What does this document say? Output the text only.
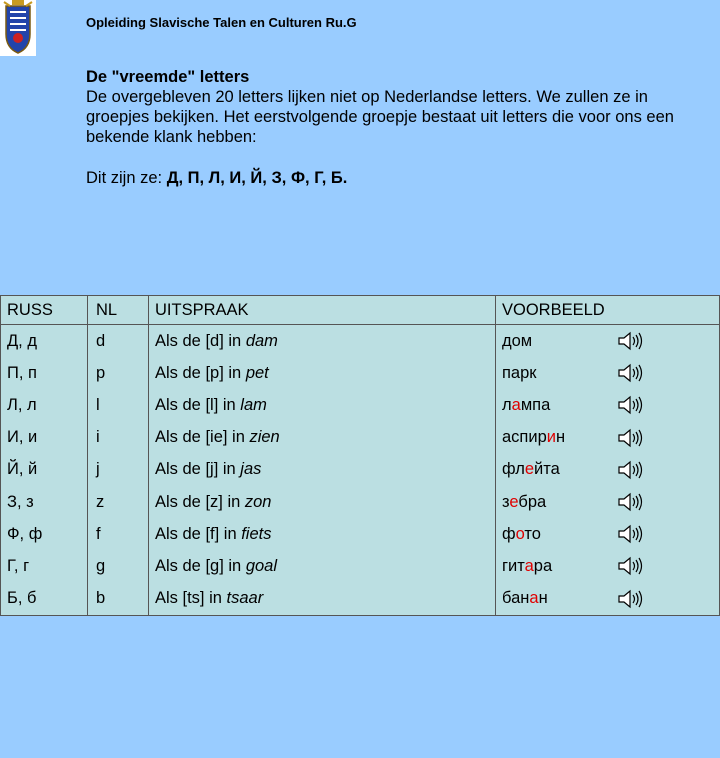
Opleiding Slavische Talen en Culturen Ru.G

De "vreemde" letters

De overgebleven 20 letters lijken niet op Nederlandse letters. We zullen ze in groepjes bekijken. Het eerstvolgende groepje bestaat uit letters die voor ons een bekende klank hebben:

Dit zijn ze: Д, П, Л, И, Й, З, Ф, Г, Б.

RUSS	NL	UITSPRAAK	VOORBEELD
Д, д	d	Als de [d] in dam	дом

П, п	p	Als de [p] in pet	парк

Л, л	l	Als de [l] in lam	лампа

И, и	i	Als de [ie] in zien	аспирин

Й, й	j	Als de [j] in jas	флейта

З, з	z	Als de [z] in zon	зебра

Ф, ф	f	Als de [f] in fiets	фото

Г, г	g	Als de [g] in goal	гитара

Б, б	b	Als [ts] in tsaar	банан
